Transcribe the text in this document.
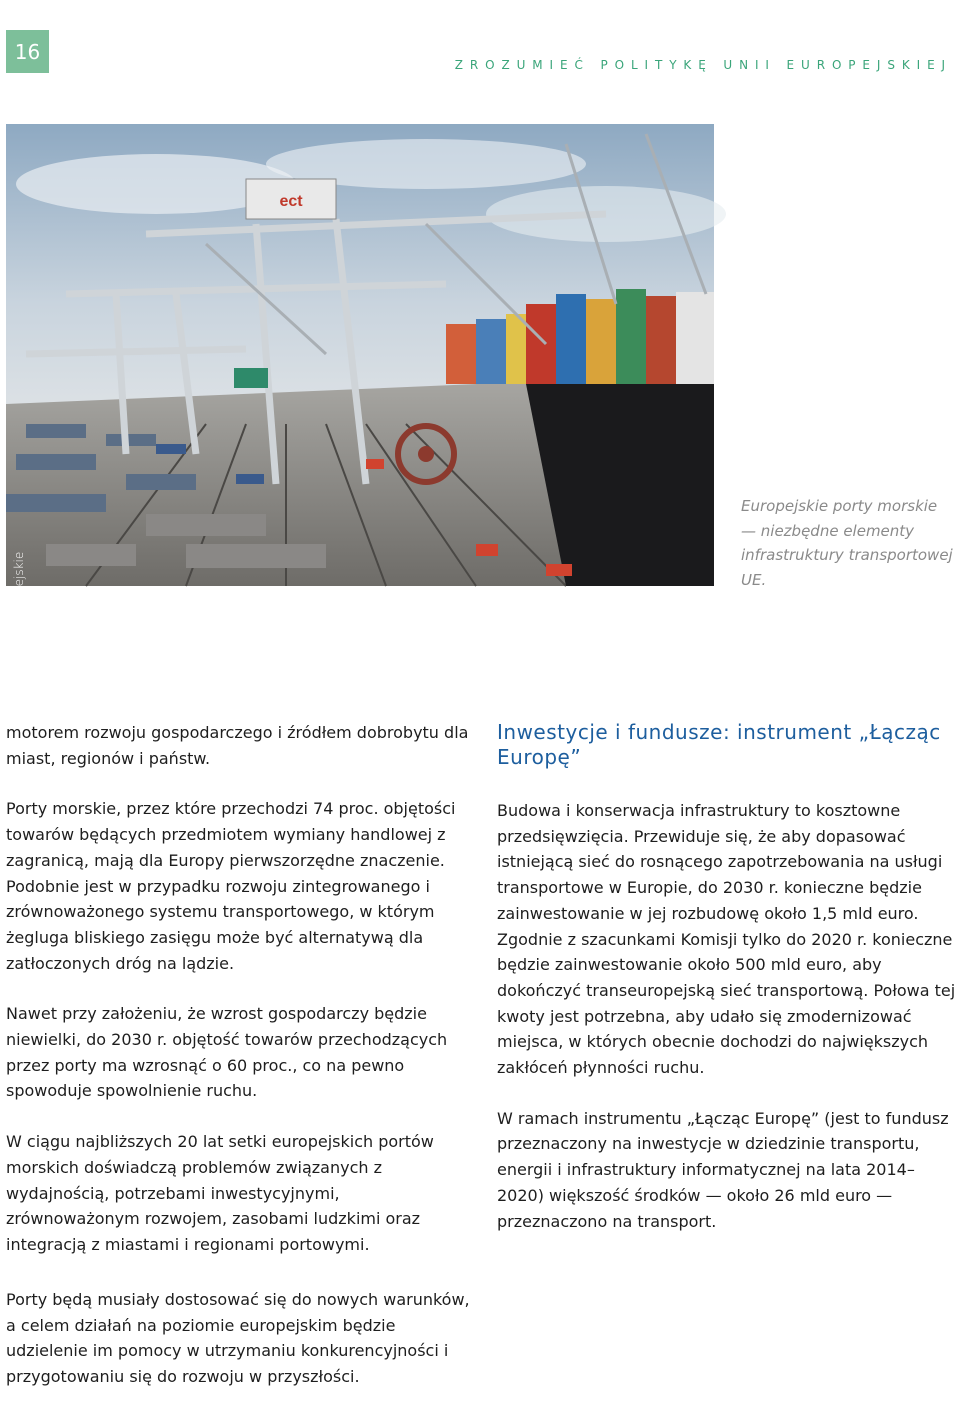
16
ZROZUMIEĆ POLITYKĘ UNII EUROPEJSKIEJ
ect
© Wspólnoty Europejskie
Europejskie porty morskie — niezbędne elementy infrastruktury transportowej UE.

motorem rozwoju gospodarczego i źródłem dobrobytu dla miast, regionów i państw.

Porty morskie, przez które przechodzi 74 proc. objętości towarów będących przedmiotem wymiany handlowej z zagranicą, mają dla Europy pierwszorzędne znaczenie. Podobnie jest w przypadku rozwoju zintegrowanego i zrównoważonego systemu transportowego, w którym żegluga bliskiego zasięgu może być alternatywą dla zatłoczonych dróg na lądzie.

Nawet przy założeniu, że wzrost gospodarczy będzie niewielki, do 2030 r. objętość towarów przechodzących przez porty ma wzrosnąć o 60 proc., co na pewno spowoduje spowolnienie ruchu.

W ciągu najbliższych 20 lat setki europejskich portów morskich doświadczą problemów związanych z wydajnością, potrzebami inwestycyjnymi, zrównoważonym rozwojem, zasobami ludzkimi oraz integracją z miastami i regionami portowymi.

Porty będą musiały dostosować się do nowych warunków, a celem działań na poziomie europejskim będzie udzielenie im pomocy w utrzymaniu konkurencyjności i przygotowaniu się do rozwoju w przyszłości.

Inwestycje i fundusze: instrument „Łącząc Europę”

Budowa i konserwacja infrastruktury to kosztowne przedsięwzięcia. Przewiduje się, że aby dopasować istniejącą sieć do rosnącego zapotrzebowania na usługi transportowe w Europie, do 2030 r. konieczne będzie zainwestowanie w jej rozbudowę około 1,5 mld euro. Zgodnie z szacunkami Komisji tylko do 2020 r. konieczne będzie zainwestowanie około 500 mld euro, aby dokończyć transeuropejską sieć transportową. Połowa tej kwoty jest potrzebna, aby udało się zmodernizować miejsca, w których obecnie dochodzi do największych zakłóceń płynności ruchu.

W ramach instrumentu „Łącząc Europę” (jest to fundusz przeznaczony na inwestycje w dziedzinie transportu, energii i infrastruktury informatycznej na lata 2014–2020) większość środków — około 26 mld euro — przeznaczono na transport.
